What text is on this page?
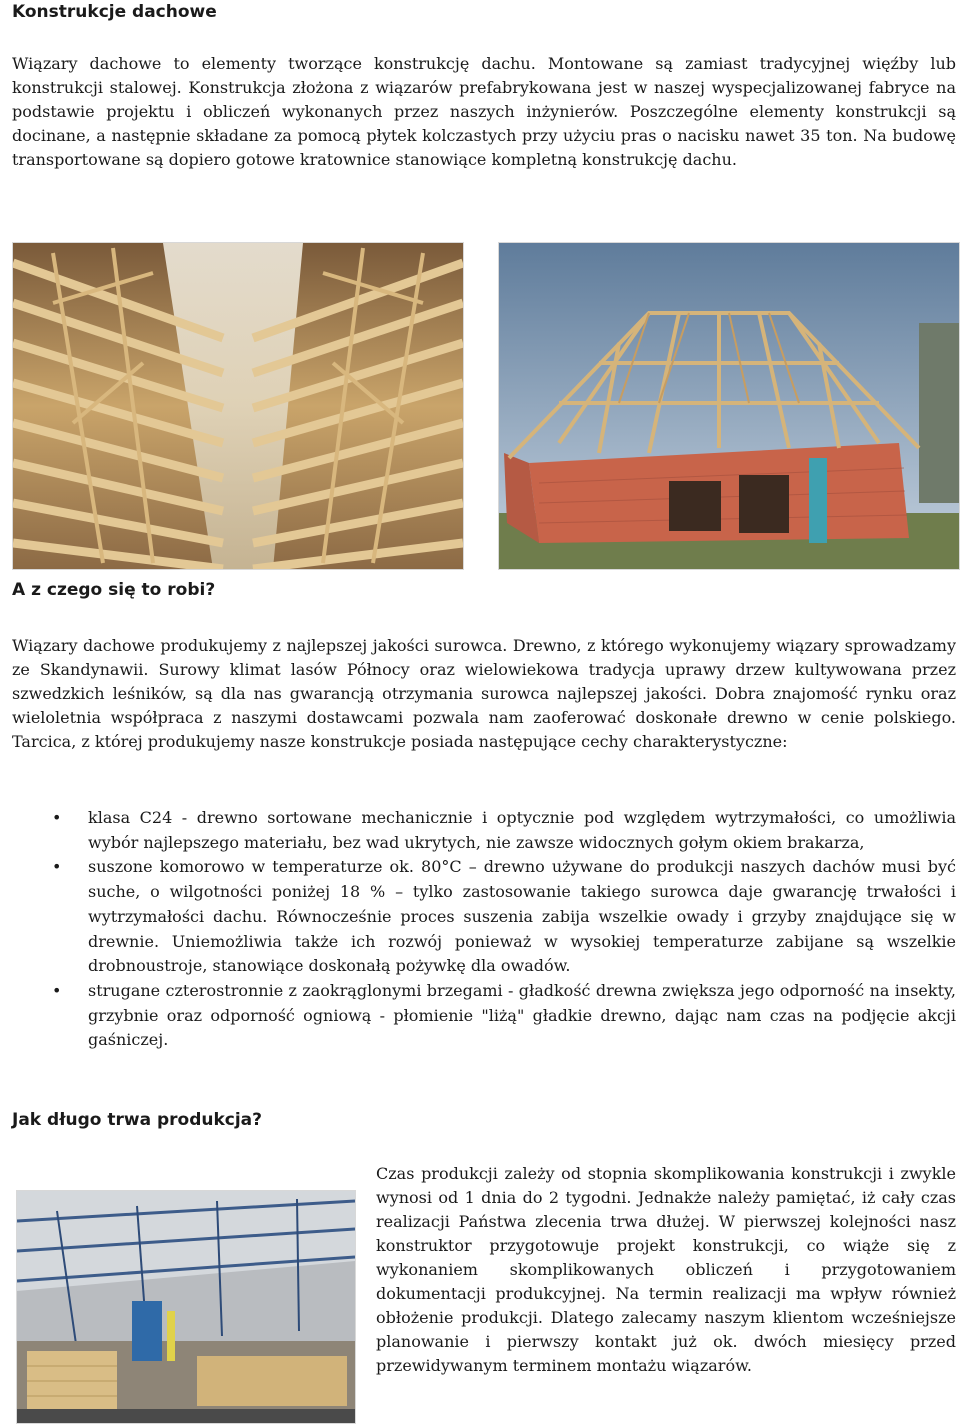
Konstrukcje dachowe

Wiązary dachowe to elementy tworzące konstrukcję dachu. Montowane są zamiast tradycyjnej więźby lub konstrukcji stalowej. Konstrukcja złożona z wiązarów prefabrykowana jest w naszej wyspecjalizowanej fabryce na podstawie projektu i obliczeń wykonanych przez naszych inżynierów. Poszczególne elementy konstrukcji są docinane, a następnie składane za pomocą płytek kolczastych przy użyciu pras o nacisku nawet 35 ton. Na budowę transportowane są dopiero gotowe kratownice stanowiące kompletną konstrukcję dachu.

A z czego się to robi?

Wiązary dachowe produkujemy z najlepszej jakości surowca. Drewno, z którego wykonujemy wiązary sprowadzamy ze Skandynawii. Surowy klimat lasów Północy oraz wielowiekowa tradycja uprawy drzew kultywowana przez szwedzkich leśników, są dla nas gwarancją otrzymania surowca najlepszej jakości. Dobra znajomość rynku oraz wieloletnia współpraca z naszymi dostawcami pozwala nam zaoferować doskonałe drewno w cenie polskiego. Tarcica, z której produkujemy nasze konstrukcje posiada następujące cechy charakterystyczne:

• klasa C24 - drewno sortowane mechanicznie i optycznie pod względem wytrzymałości, co umożliwia wybór najlepszego materiału, bez wad ukrytych, nie zawsze widocznych gołym okiem brakarza,
• suszone komorowo w temperaturze ok. 80°C – drewno używane do produkcji naszych dachów musi być suche, o wilgotności poniżej 18 % – tylko zastosowanie takiego surowca daje gwarancję trwałości i wytrzymałości dachu. Równocześnie proces suszenia zabija wszelkie owady i grzyby znajdujące się w drewnie. Uniemożliwia także ich rozwój ponieważ w wysokiej temperaturze zabijane są wszelkie drobnoustroje, stanowiące doskonałą pożywkę dla owadów.
• strugane czterostronnie z zaokrąglonymi brzegami - gładkość drewna zwiększa jego odporność na insekty, grzybnie oraz odporność ogniową - płomienie "liżą" gładkie drewno, dając nam czas na podjęcie akcji gaśniczej.
Jak długo trwa produkcja?

Czas produkcji zależy od stopnia skomplikowania konstrukcji i zwykle wynosi od 1 dnia do 2 tygodni. Jednakże należy pamiętać, iż cały czas realizacji Państwa zlecenia trwa dłużej. W pierwszej kolejności nasz konstruktor przygotowuje projekt konstrukcji, co wiąże się z wykonaniem skomplikowanych obliczeń i przygotowaniem dokumentacji produkcyjnej. Na termin realizacji ma wpływ również obłożenie produkcji. Dlatego zalecamy naszym klientom wcześniejsze planowanie i pierwszy kontakt już ok. dwóch miesięcy przed przewidywanym terminem montażu wiązarów.
